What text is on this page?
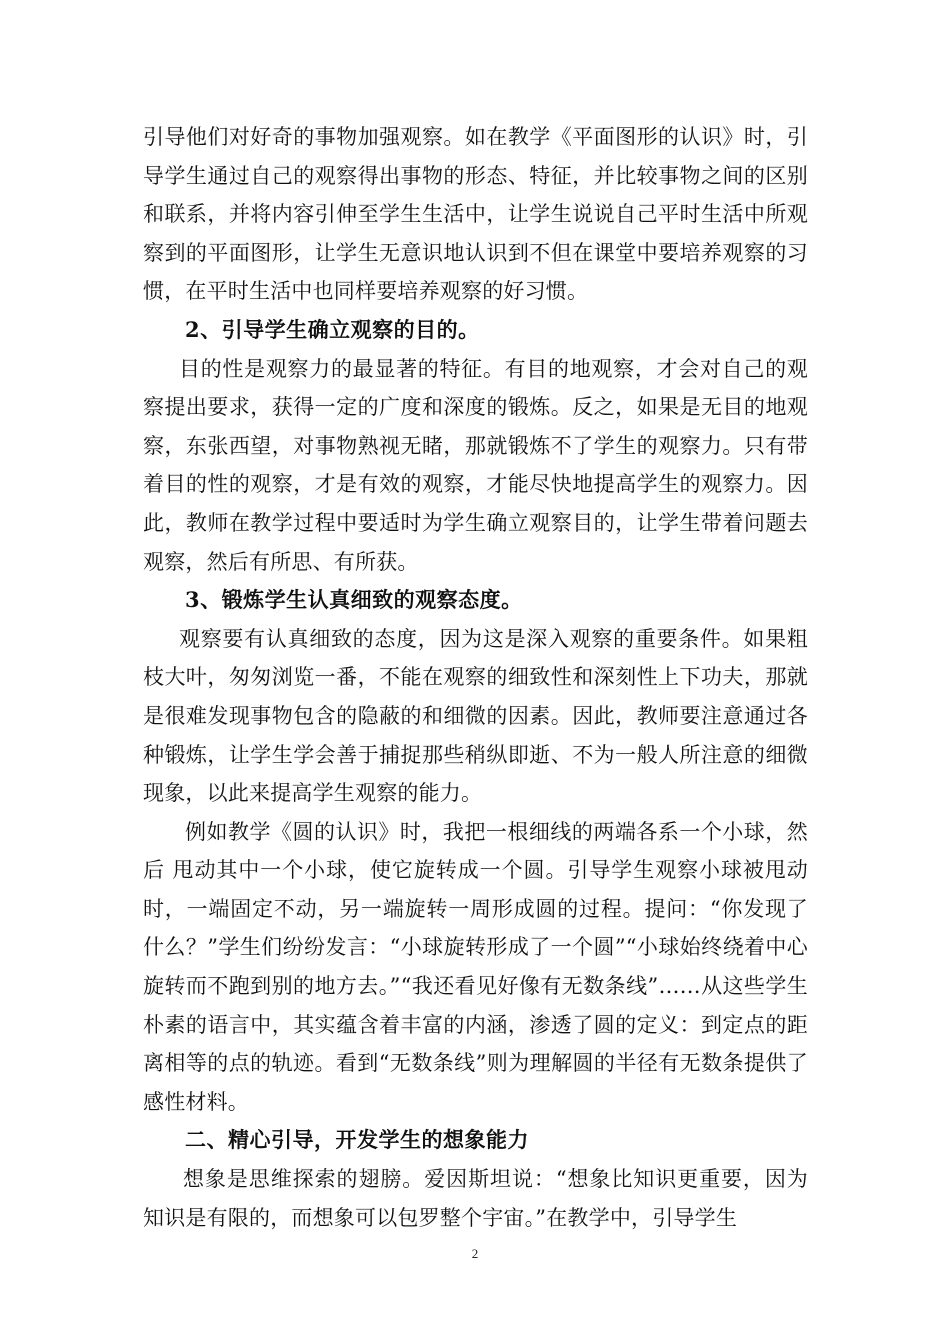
引导他们对好奇的事物加强观察。如在教学《平面图形的认识》时，引导学生通过自己的观察得出事物的形态、特征，并比较事物之间的区别和联系，并将内容引伸至学生生活中，让学生说说自己平时生活中所观察到的平面图形，让学生无意识地认识到不但在课堂中要培养观察的习惯，在平时生活中也同样要培养观察的好习惯。

2、引导学生确立观察的目的。

目的性是观察力的最显著的特征。有目的地观察，才会对自己的观察提出要求，获得一定的广度和深度的锻炼。反之，如果是无目的地观察，东张西望，对事物熟视无睹，那就锻炼不了学生的观察力。只有带着目的性的观察，才是有效的观察，才能尽快地提高学生的观察力。因此，教师在教学过程中要适时为学生确立观察目的，让学生带着问题去观察，然后有所思、有所获。

3、锻炼学生认真细致的观察态度。

观察要有认真细致的态度，因为这是深入观察的重要条件。如果粗枝大叶，匆匆浏览一番，不能在观察的细致性和深刻性上下功夫，那就是很难发现事物包含的隐蔽的和细微的因素。因此，教师要注意通过各种锻炼，让学生学会善于捕捉那些稍纵即逝、不为一般人所注意的细微现象，以此来提高学生观察的能力。

例如教学《圆的认识》时，我把一根细线的两端各系一个小球，然后 甩动其中一个小球，使它旋转成一个圆。引导学生观察小球被甩动时，一端固定不动，另一端旋转一周形成圆的过程。提问：“你发现了什么？”学生们纷纷发言：“小球旋转形成了一个圆”“小球始终绕着中心旋转而不跑到别的地方去。”“我还看见好像有无数条线”……从这些学生朴素的语言中，其实蕴含着丰富的内涵，渗透了圆的定义：到定点的距离相等的点的轨迹。看到“无数条线”则为理解圆的半径有无数条提供了感性材料。

二、精心引导，开发学生的想象能力

想象是思维探索的翅膀。爱因斯坦说：“想象比知识更重要，因为知识是有限的，而想象可以包罗整个宇宙。”在教学中，引导学生

2
